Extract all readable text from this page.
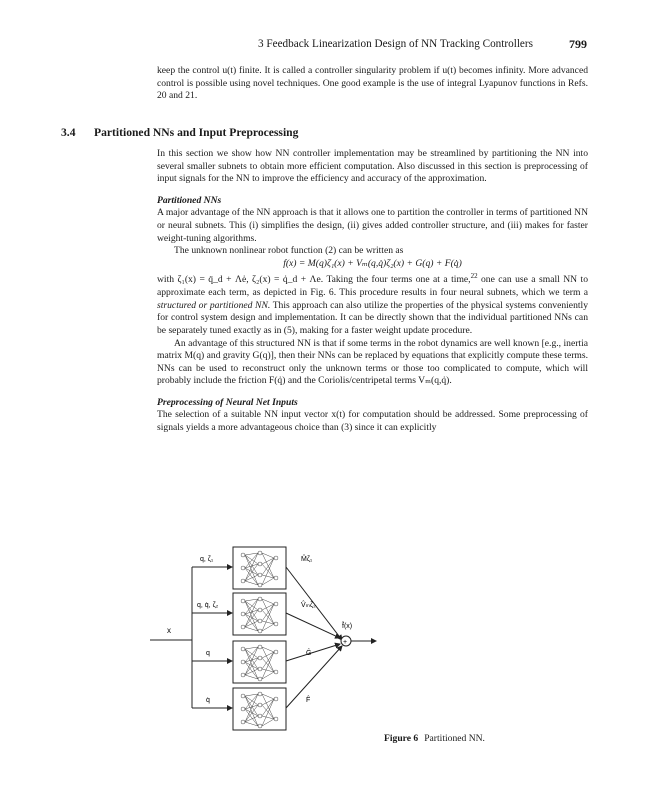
3 Feedback Linearization Design of NN Tracking Controllers	799

keep the control u(t) finite. It is called a controller singularity problem if u(t) becomes infinity. More advanced control is possible using novel techniques. One good example is the use of integral Lyapunov functions in Refs. 20 and 21.

3.4 Partitioned NNs and Input Preprocessing

In this section we show how NN controller implementation may be streamlined by partitioning the NN into several smaller subnets to obtain more efficient computation. Also discussed in this section is preprocessing of input signals for the NN to improve the efficiency and accuracy of the approximation.

Partitioned NNs

A major advantage of the NN approach is that it allows one to partition the controller in terms of partitioned NN or neural subnets. This (i) simplifies the design, (ii) gives added controller structure, and (iii) makes for faster weight-tuning algorithms.

The unknown nonlinear robot function (2) can be written as

f(x) = M(q)ζ₁(x) + Vₘ(q,q̇)ζ₂(x) + G(q) + F(q̇)

with ζ₁(x) = q̈_d + Λė, ζ₂(x) = q̇_d + Λe. Taking the four terms one at a time,$^{22}$ one can use a small NN to approximate each term, as depicted in Fig. 6. This procedure results in four neural subnets, which we term a structured or partitioned NN. This approach can also utilize the properties of the physical systems conveniently for control system design and implementation. It can be directly shown that the individual partitioned NNs can be separately tuned exactly as in (5), making for a faster weight update procedure.

An advantage of this structured NN is that if some terms in the robot dynamics are well known [e.g., inertia matrix M(q) and gravity G(q)], then their NNs can be replaced by equations that explicitly compute these terms. NNs can be used to reconstruct only the unknown terms or those too complicated to compute, which will probably include the friction F(q̇) and the Coriolis/centripetal terms Vₘ(q,q̇).

Preprocessing of Neural Net Inputs

The selection of a suitable NN input vector x(t) for computation should be addressed. Some preprocessing of signals yields a more advantageous choice than (3) since it can explicitly

x
q, ζ₁	M̂ζ₁
q, q̇, ζ₂	V̂ₘζ₂
q	Ĝ
q̇	F̂
+
f̂(x)
Figure 6 Partitioned NN.
